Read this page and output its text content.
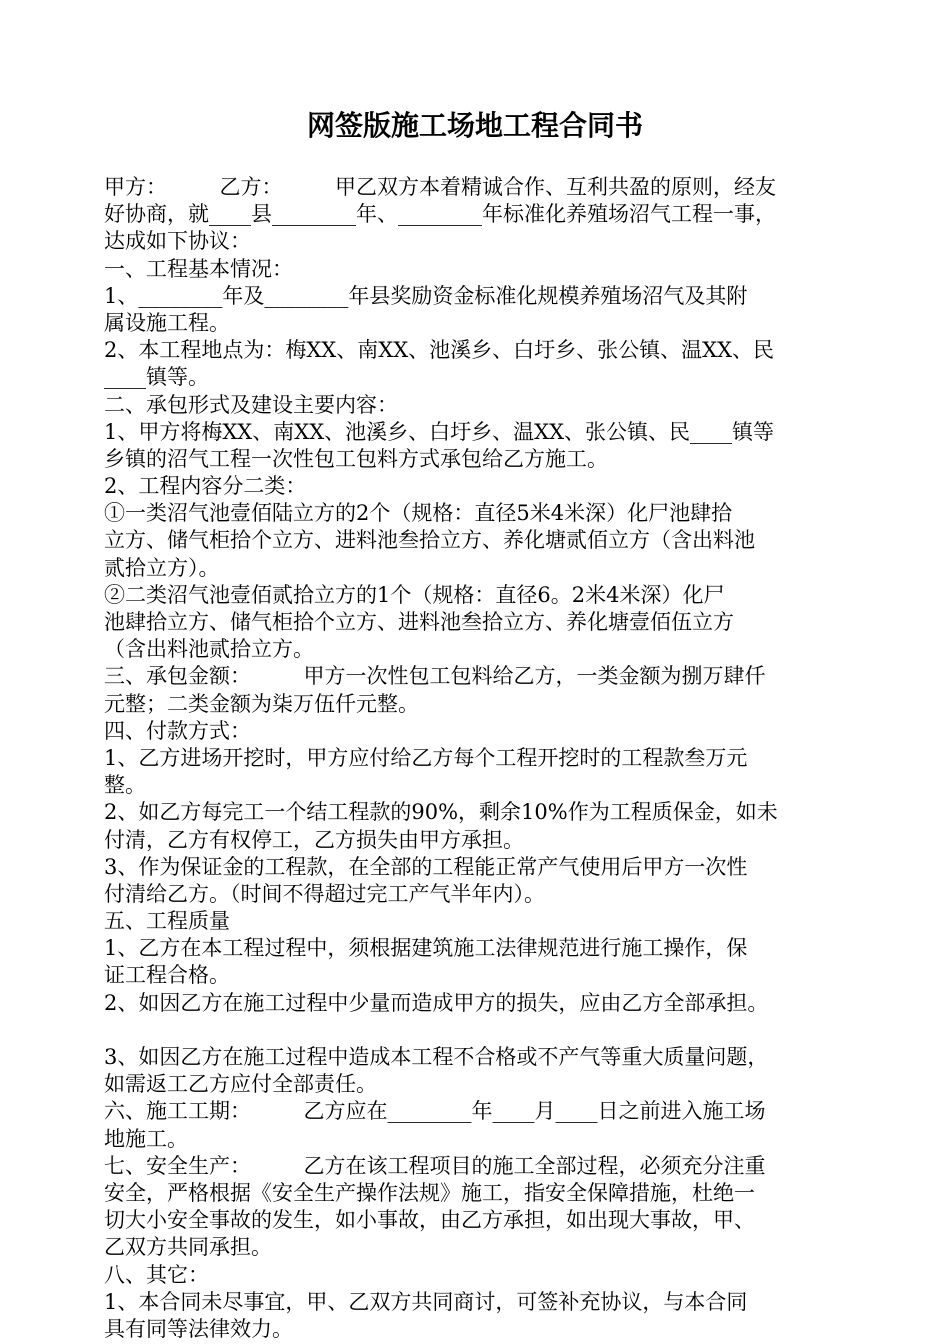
网签版施工场地工程合同书
甲方：　　　乙方：　　　甲乙双方本着精诚合作、互利共盈的原则，经友
好协商，就____县________年、________年标准化养殖场沼气工程一事，
达成如下协议：
一、工程基本情况：
1、________年及________年县奖励资金标准化规模养殖场沼气及其附
属设施工程。
2、本工程地点为：梅XX、南XX、池溪乡、白圩乡、张公镇、温XX、民
____镇等。
二、承包形式及建设主要内容：
1、甲方将梅XX、南XX、池溪乡、白圩乡、温XX、张公镇、民____镇等
乡镇的沼气工程一次性包工包料方式承包给乙方施工。
2、工程内容分二类：
①一类沼气池壹佰陆立方的2个（规格：直径5米4米深）化尸池肆拾
立方、储气柜拾个立方、进料池叁拾立方、养化塘贰佰立方（含出料池
贰拾立方）。
②二类沼气池壹佰贰拾立方的1个（规格：直径6。2米4米深）化尸
池肆拾立方、储气柜拾个立方、进料池叁拾立方、养化塘壹佰伍立方
（含出料池贰拾立方。
三、承包金额：　　　甲方一次性包工包料给乙方，一类金额为捌万肆仟
元整；二类金额为柒万伍仟元整。
四、付款方式：
1、乙方进场开挖时，甲方应付给乙方每个工程开挖时的工程款叁万元
整。
2、如乙方每完工一个结工程款的90%，剩余10%作为工程质保金，如未
付清，乙方有权停工，乙方损失由甲方承担。
3、作为保证金的工程款，在全部的工程能正常产气使用后甲方一次性
付清给乙方。（时间不得超过完工产气半年内）。
五、工程质量
1、乙方在本工程过程中，须根据建筑施工法律规范进行施工操作，保
证工程合格。
2、如因乙方在施工过程中少量而造成甲方的损失，应由乙方全部承担。
3、如因乙方在施工过程中造成本工程不合格或不产气等重大质量问题，
如需返工乙方应付全部责任。
六、施工工期：　　　乙方应在________年____月____日之前进入施工场
地施工。
七、安全生产：　　　乙方在该工程项目的施工全部过程，必须充分注重
安全，严格根据《安全生产操作法规》施工，指安全保障措施，杜绝一
切大小安全事故的发生，如小事故，由乙方承担，如出现大事故，甲、
乙双方共同承担。
八、其它：
1、本合同未尽事宜，甲、乙双方共同商讨，可签补充协议，与本合同
具有同等法律效力。
